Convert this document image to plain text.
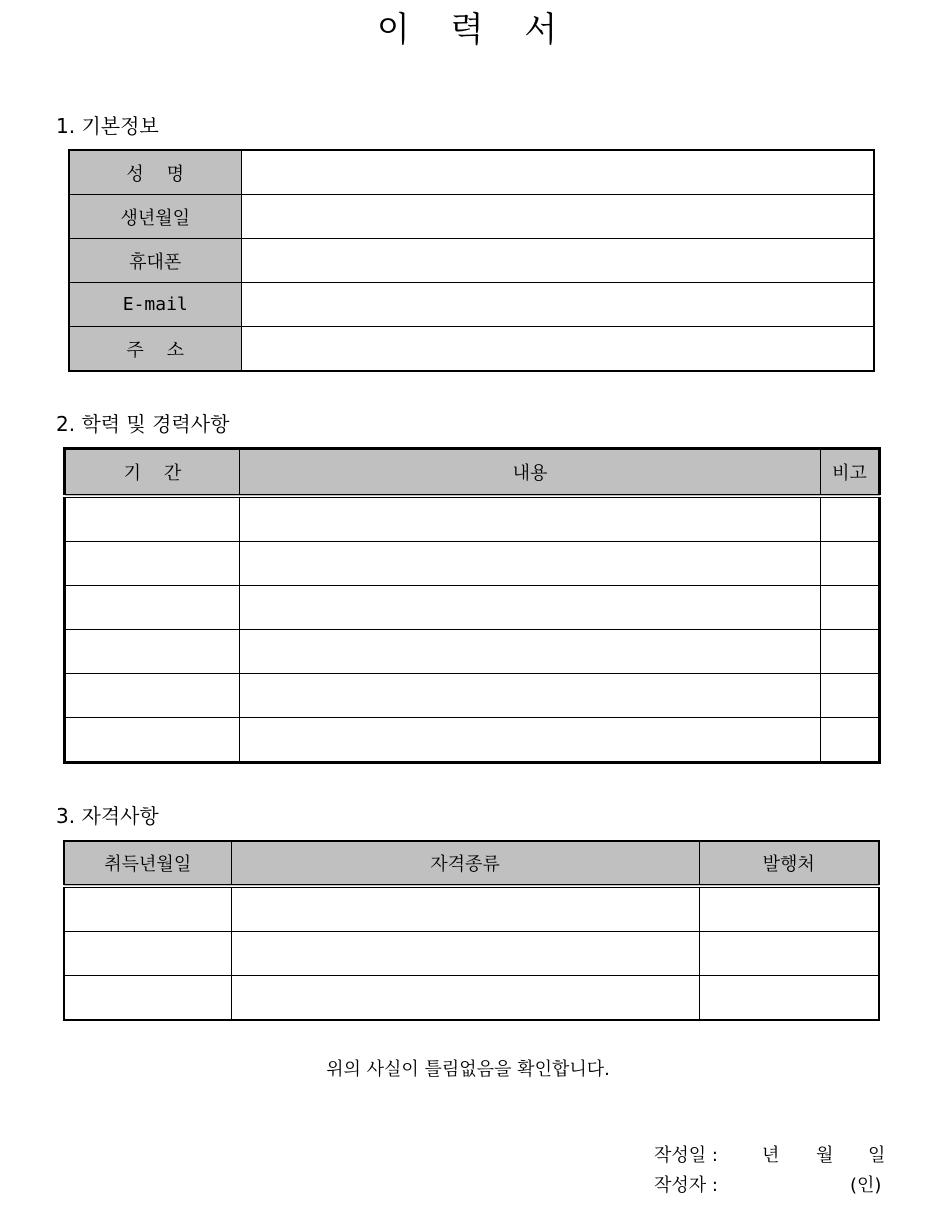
이 력 서
1. 기본정보
성    명	
생년월일	
휴대폰	
E-mail	
주    소	
2. 학력 및 경력사항
기    간	내용	비고

3. 자격사항
취득년월일	자격종류	발행처

위의 사실이 틀림없음을 확인합니다.
작성일 : 년 월 일
작성자 :	(인)
